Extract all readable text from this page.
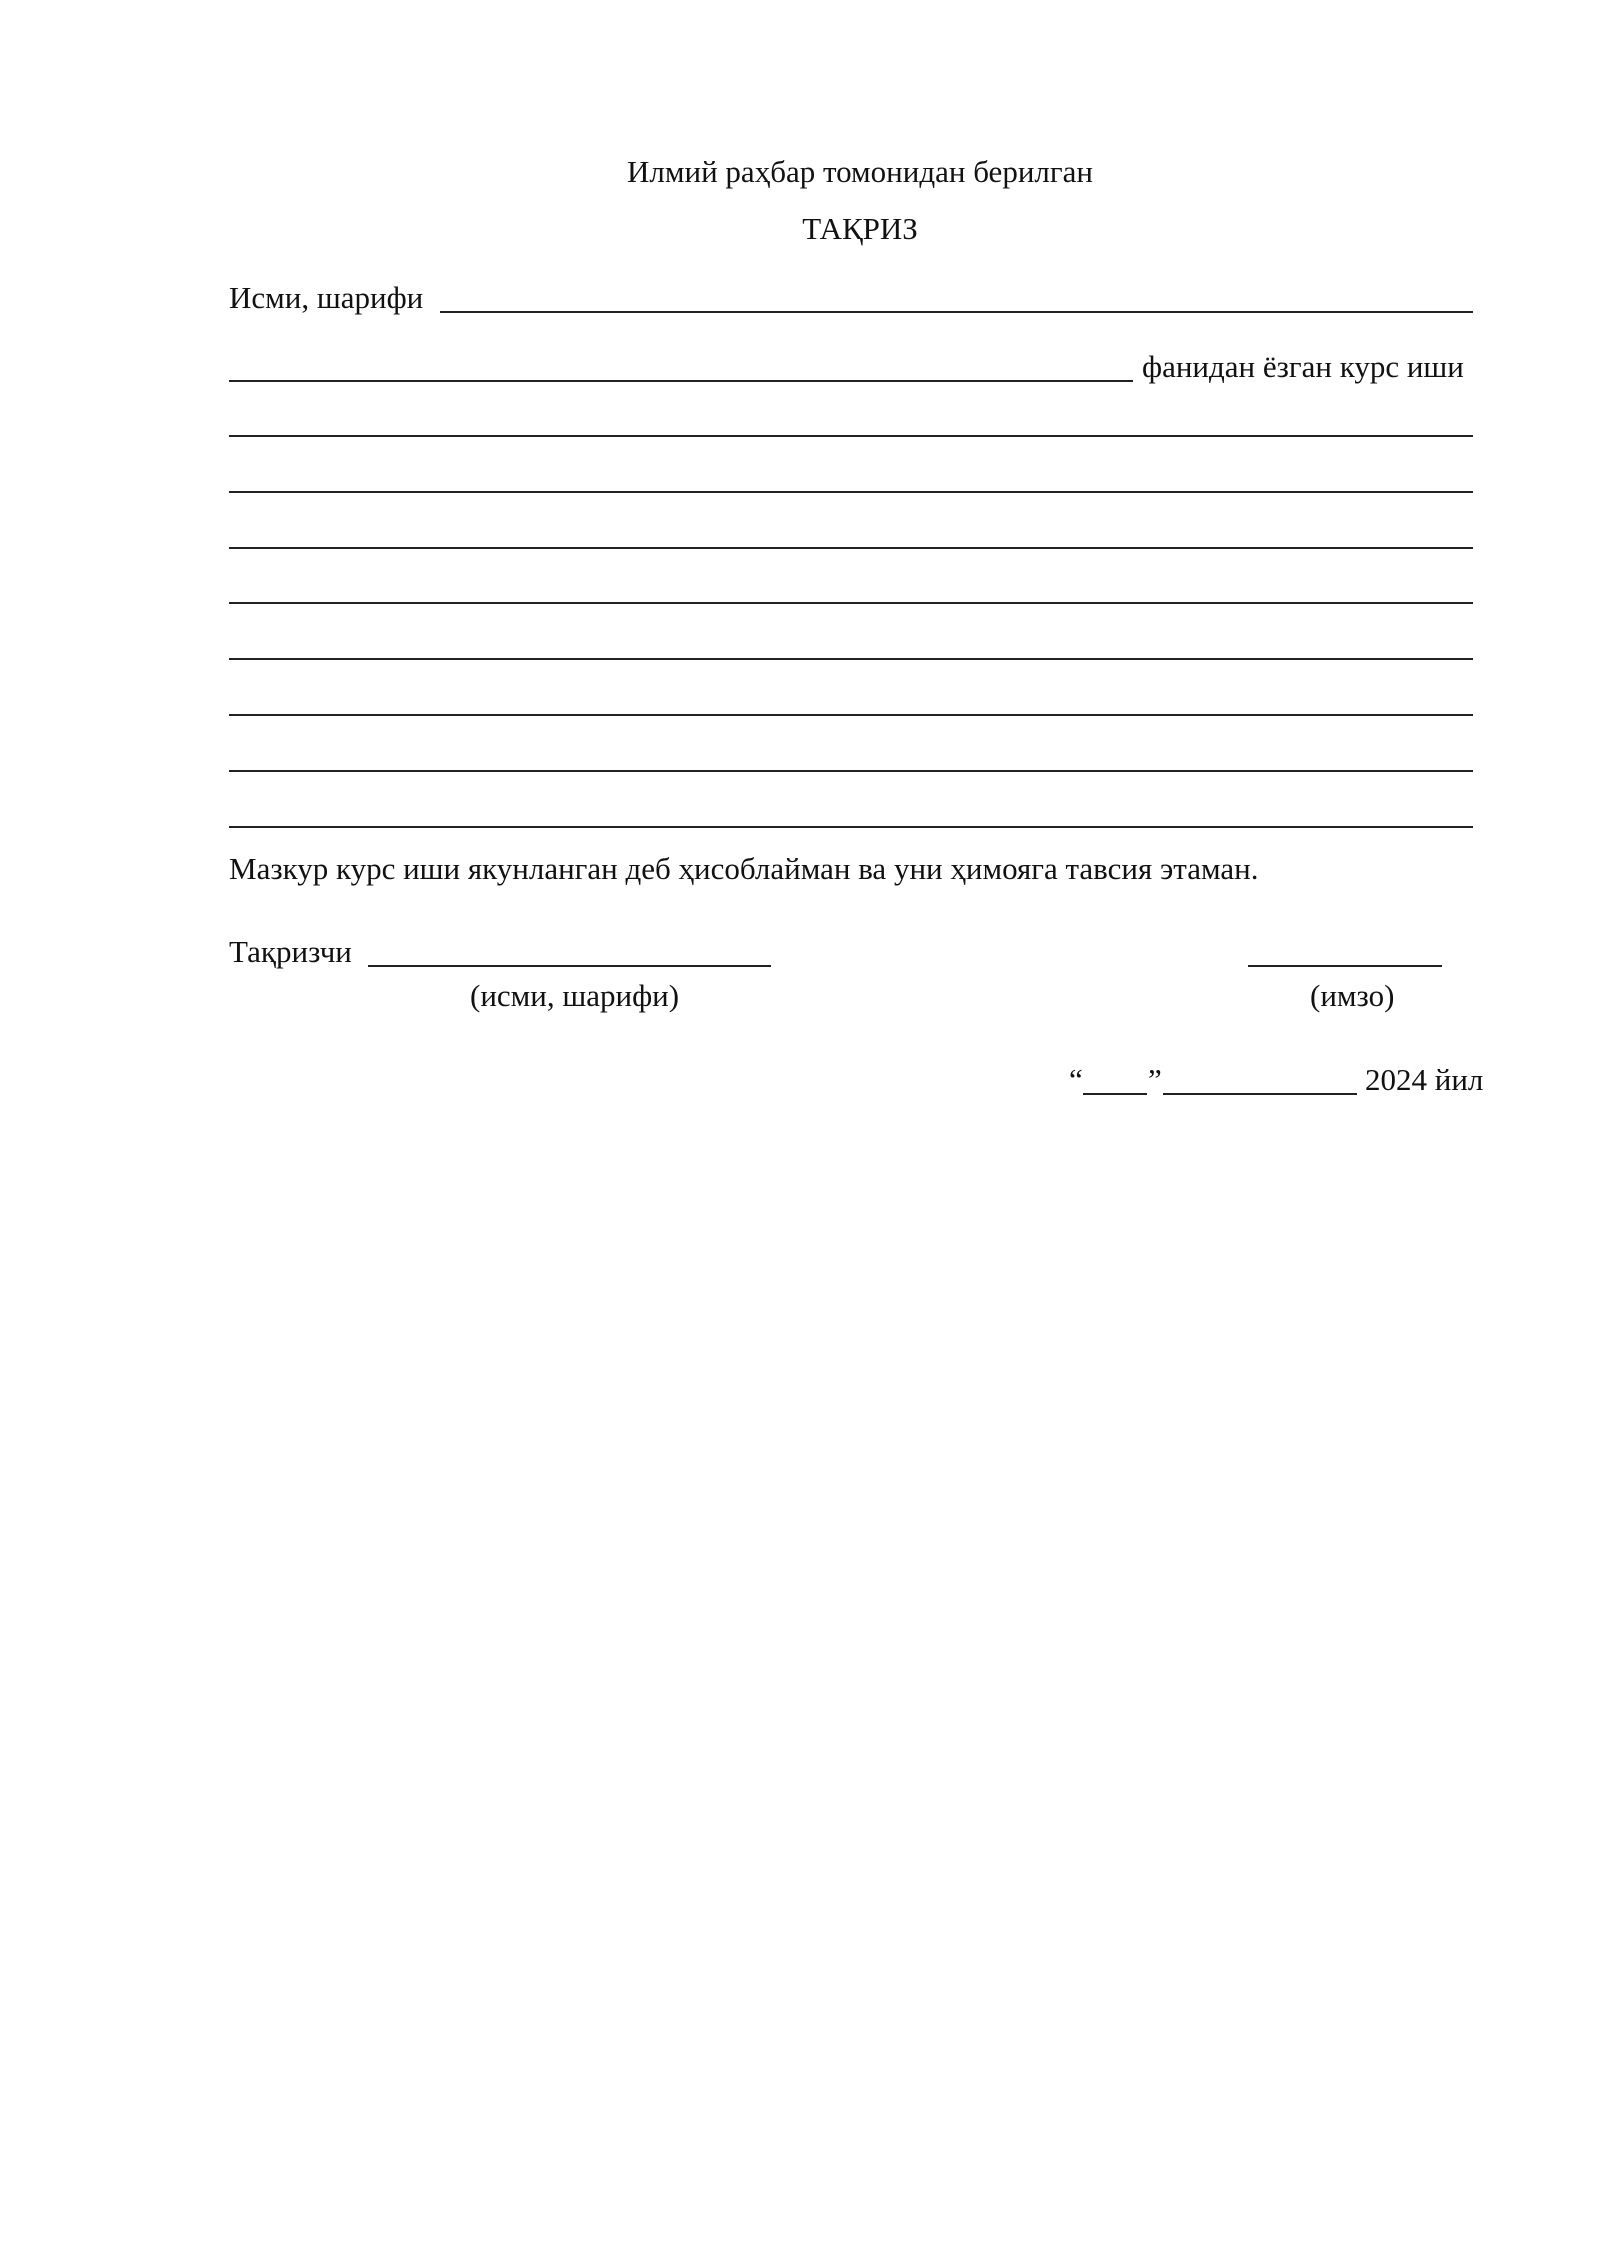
Илмий раҳбар томонидан берилган
ТАҚРИЗ
Исми, шарифи
фанидан ёзган курс иши
Мазкур курс иши якунланган деб ҳисоблайман ва уни ҳимояга тавсия этаман.
Тақризчи
(исми, шарифи)	(имзо)
“ ”	2024 йил
